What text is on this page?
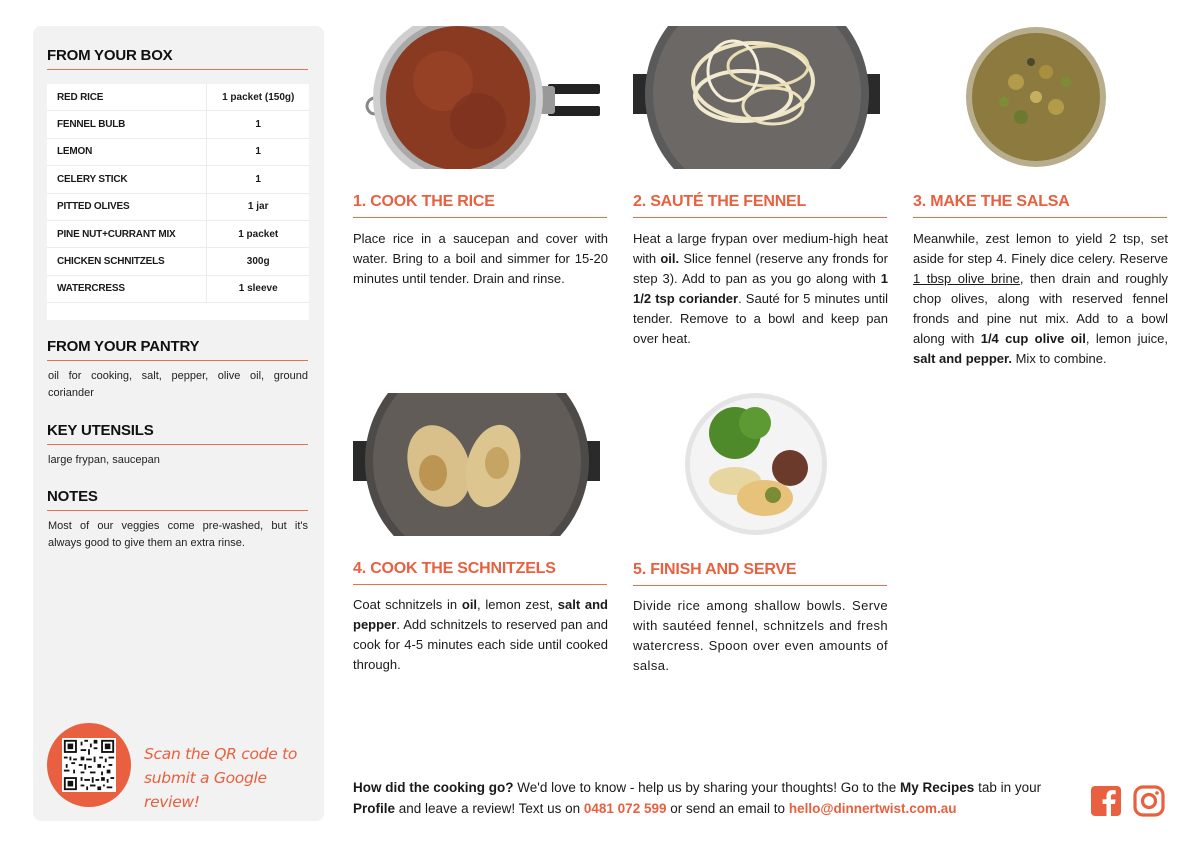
FROM YOUR BOX
RED RICE	1 packet (150g)
FENNEL BULB	1
LEMON	1
CELERY STICK	1
PITTED OLIVES	1 jar
PINE NUT+CURRANT MIX	1 packet
CHICKEN SCHNITZELS	300g
WATERCRESS	1 sleeve
FROM YOUR PANTRY
oil for cooking, salt, pepper, olive oil, ground coriander
KEY UTENSILS
large frypan, saucepan
NOTES
Most of our veggies come pre-washed, but it's always good to give them an extra rinse.
Scan the QR code to
submit a Google review!
1. COOK THE RICE
Place rice in a saucepan and cover with water. Bring to a boil and simmer for 15-20 minutes until tender. Drain and rinse.
2. SAUTÉ THE FENNEL
Heat a large frypan over medium-high heat with oil. Slice fennel (reserve any fronds for step 3). Add to pan as you go along with 1 1/2 tsp coriander. Sauté for 5 minutes until tender. Remove to a bowl and keep pan over heat.
3. MAKE THE SALSA
Meanwhile, zest lemon to yield 2 tsp, set aside for step 4. Finely dice celery. Reserve 1 tbsp olive brine, then drain and roughly chop olives, along with reserved fennel fronds and pine nut mix. Add to a bowl along with 1/4 cup olive oil, lemon juice, salt and pepper. Mix to combine.
4. COOK THE SCHNITZELS
Coat schnitzels in oil, lemon zest, salt and pepper. Add schnitzels to reserved pan and cook for 4-5 minutes each side until cooked through.
5. FINISH AND SERVE
Divide rice among shallow bowls. Serve with sautéed fennel, schnitzels and fresh watercress. Spoon over even amounts of salsa.
How did the cooking go? We'd love to know - help us by sharing your thoughts! Go to the My Recipes tab in your Profile and leave a review! Text us on 0481 072 599 or send an email to hello@dinnertwist.com.au
